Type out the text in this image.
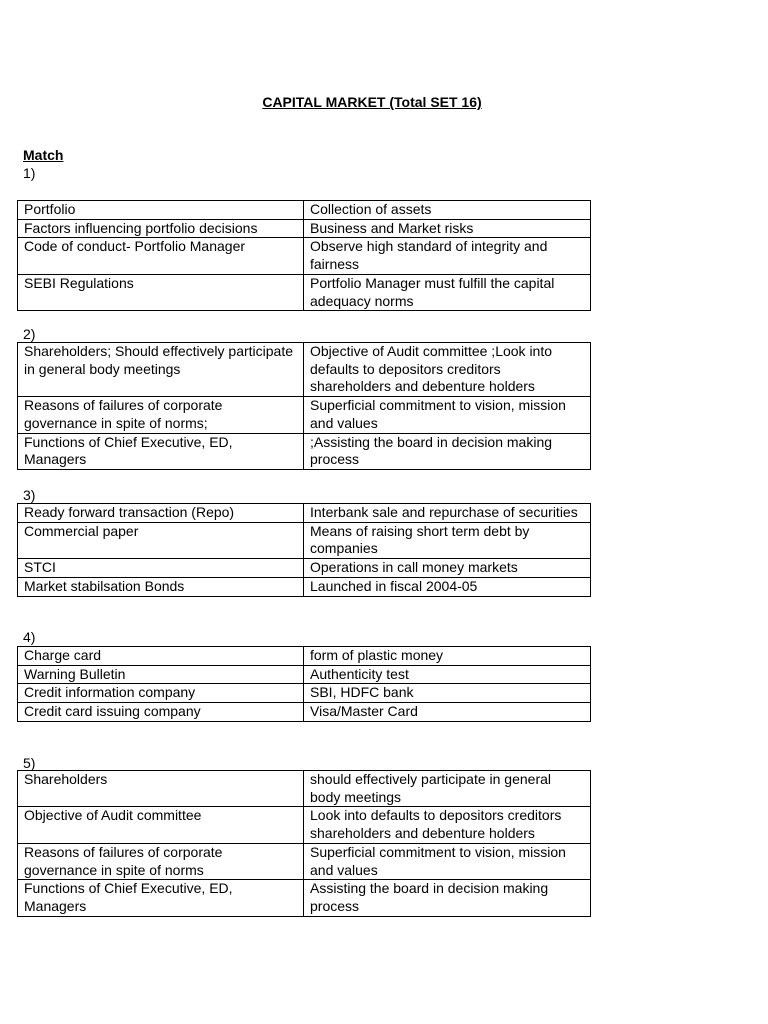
CAPITAL MARKET (Total SET 16)
Match
1)
Portfolio	Collection of assets
Factors influencing portfolio decisions	Business and Market risks
Code of conduct- Portfolio Manager	Observe high standard of integrity and fairness
SEBI Regulations	Portfolio Manager must fulfill the capital adequacy norms
2)
Shareholders; Should effectively participate in general body meetings	Objective of Audit committee ;Look into defaults to depositors creditors shareholders and debenture holders
Reasons of failures of corporate governance in spite of norms;	Superficial commitment to vision, mission and values
Functions of Chief Executive, ED, Managers	;Assisting the board in decision making process
3)
Ready forward transaction (Repo)	Interbank sale and repurchase of securities
Commercial paper	Means of raising short term debt by companies
STCI	Operations in call money markets
Market stabilsation Bonds	Launched in fiscal 2004-05
4)
Charge card	form of plastic money
Warning Bulletin	Authenticity test
Credit information company	SBI, HDFC bank
Credit card issuing company	Visa/Master Card
5)
Shareholders	should effectively participate in general body meetings
Objective of Audit committee	Look into defaults to depositors creditors shareholders and debenture holders
Reasons of failures of corporate governance in spite of norms	Superficial commitment to vision, mission and values
Functions of Chief Executive, ED, Managers	Assisting the board in decision making process
